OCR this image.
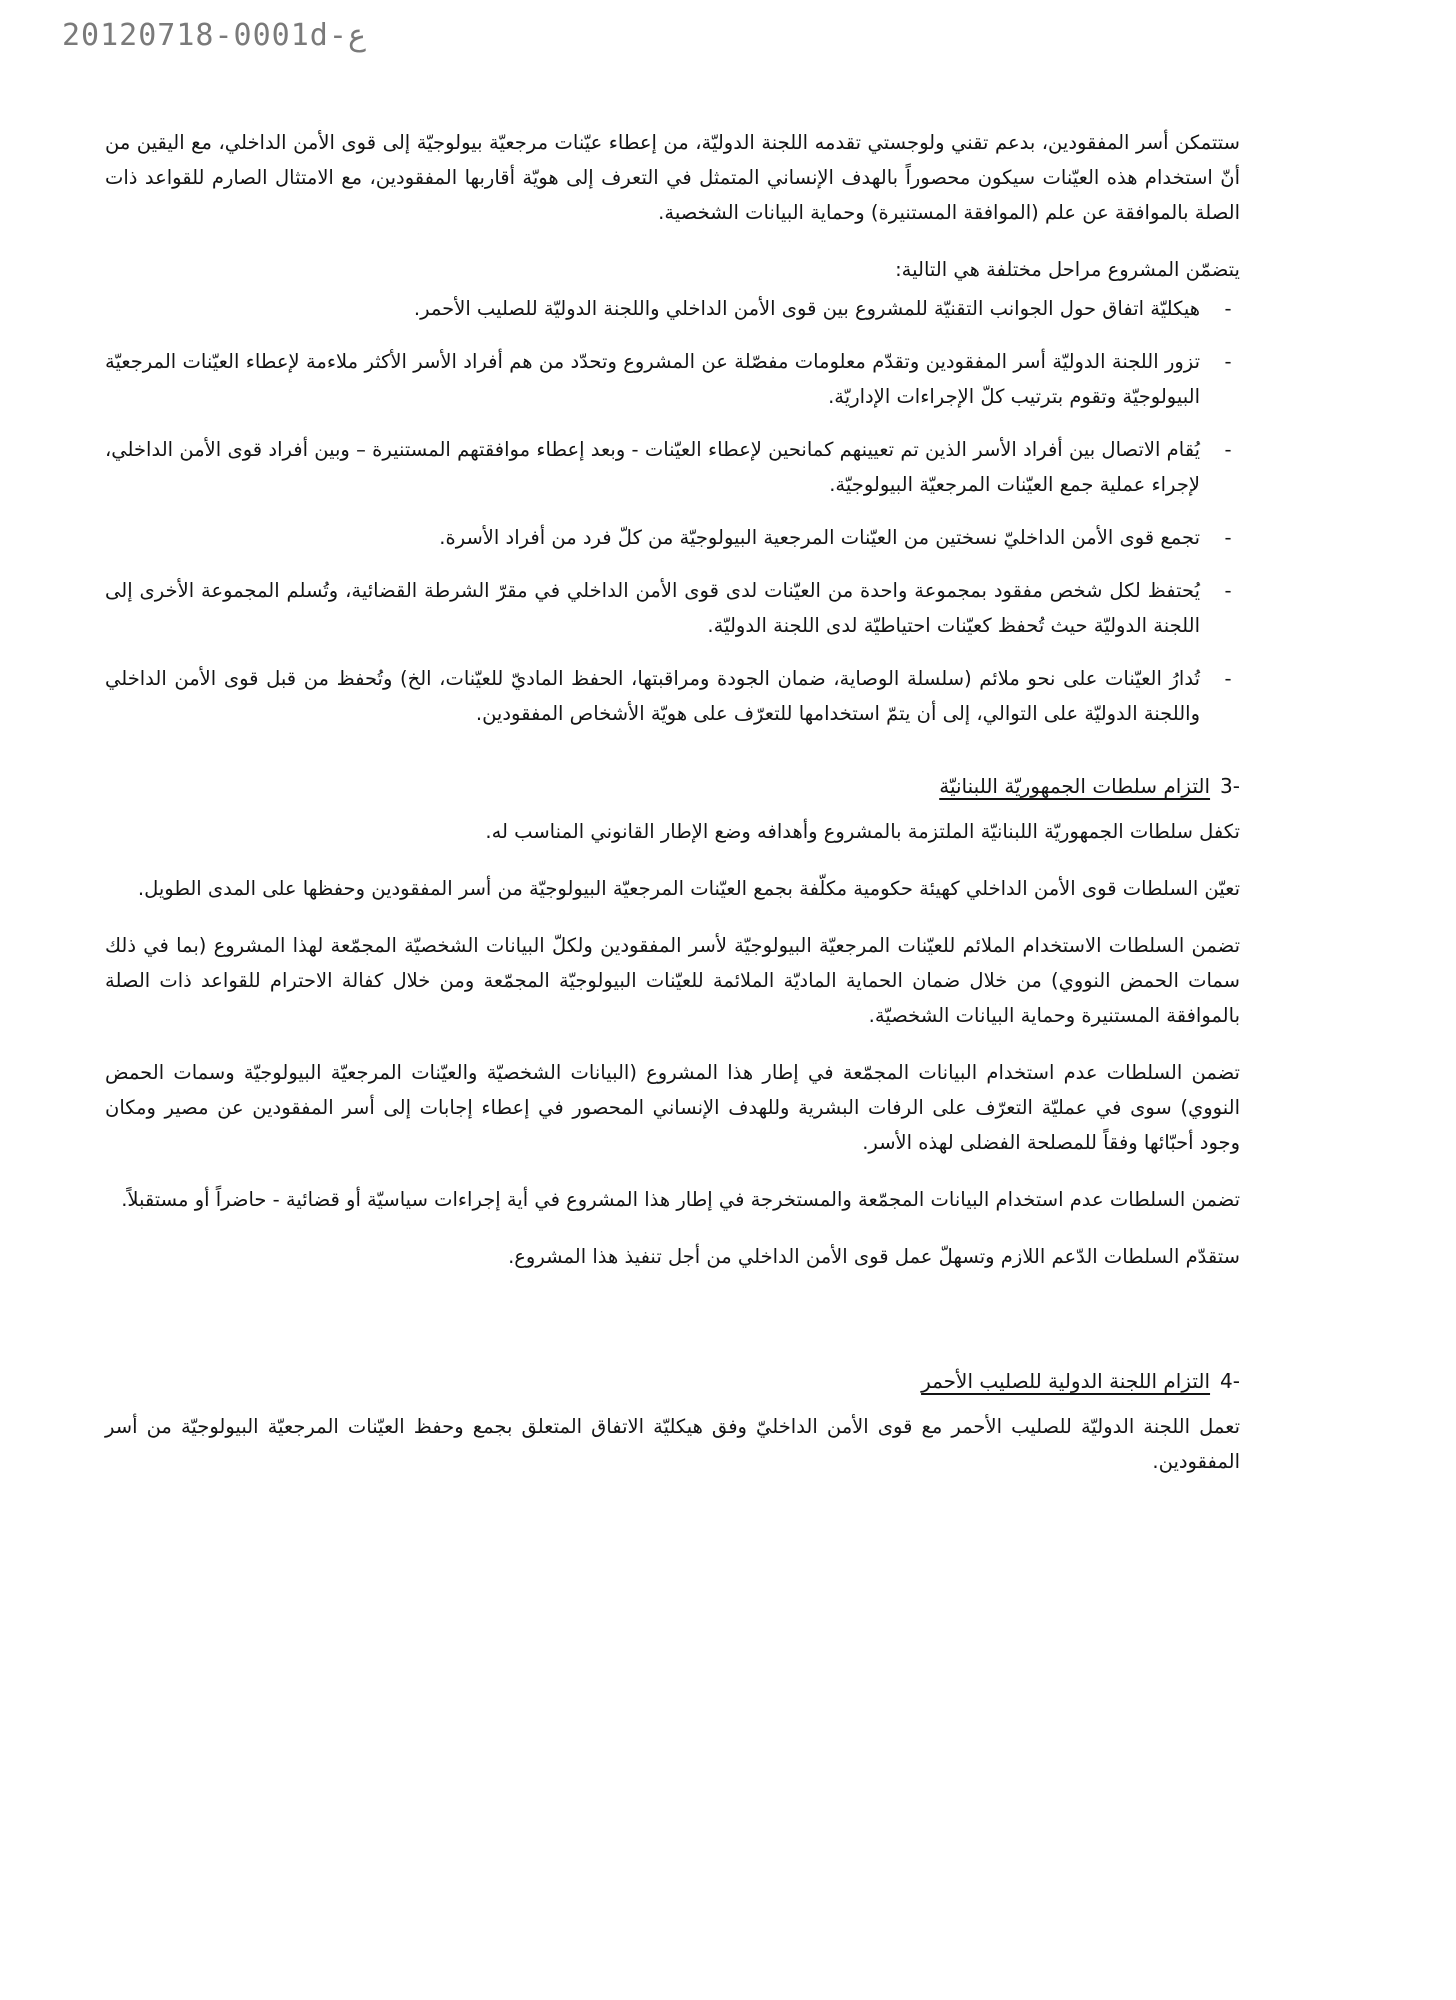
20120718-0001d-ع

ستتمكن أسر المفقودين، بدعم تقني ولوجستي تقدمه اللجنة الدوليّة، من إعطاء عيّنات مرجعيّة بيولوجيّة إلى قوى الأمن الداخلي، مع اليقين من أنّ استخدام هذه العيّنات سيكون محصوراً بالهدف الإنساني المتمثل في التعرف إلى هويّة أقاربها المفقودين، مع الامتثال الصارم للقواعد ذات الصلة بالموافقة عن علم (الموافقة المستنيرة) وحماية البيانات الشخصية.

يتضمّن المشروع مراحل مختلفة هي التالية:

-
هيكليّة اتفاق حول الجوانب التقنيّة للمشروع بين قوى الأمن الداخلي واللجنة الدوليّة للصليب الأحمر.
-
تزور اللجنة الدوليّة أسر المفقودين وتقدّم معلومات مفصّلة عن المشروع وتحدّد من هم أفراد الأسر الأكثر ملاءمة لإعطاء العيّنات المرجعيّة البيولوجيّة وتقوم بترتيب كلّ الإجراءات الإداريّة.
-
يُقام الاتصال بين أفراد الأسر الذين تم تعيينهم كمانحين لإعطاء العيّنات - وبعد إعطاء موافقتهم المستنيرة – وبين أفراد قوى الأمن الداخلي، لإجراء عملية جمع العيّنات المرجعيّة البيولوجيّة.
-
تجمع قوى الأمن الداخليّ نسختين من العيّنات المرجعية البيولوجيّة من كلّ فرد من أفراد الأسرة.
-
يُحتفظ لكل شخص مفقود بمجموعة واحدة من العيّنات لدى قوى الأمن الداخلي في مقرّ الشرطة القضائية، وتُسلم المجموعة الأخرى إلى اللجنة الدوليّة حيث تُحفظ كعيّنات احتياطيّة لدى اللجنة الدوليّة.
-
تُدارُ العيّنات على نحو ملائم (سلسلة الوصاية، ضمان الجودة ومراقبتها، الحفظ الماديّ للعيّنات، الخ) وتُحفظ من قبل قوى الأمن الداخلي واللجنة الدوليّة على التوالي، إلى أن يتمّ استخدامها للتعرّف على هويّة الأشخاص المفقودين.
3-
التزام سلطات الجمهوريّة اللبنانيّة

تكفل سلطات الجمهوريّة اللبنانيّة الملتزمة بالمشروع وأهدافه وضع الإطار القانوني المناسب له.

تعيّن السلطات قوى الأمن الداخلي كهيئة حكومية مكلّفة بجمع العيّنات المرجعيّة البيولوجيّة من أسر المفقودين وحفظها على المدى الطويل.

تضمن السلطات الاستخدام الملائم للعيّنات المرجعيّة البيولوجيّة لأسر المفقودين ولكلّ البيانات الشخصيّة المجمّعة لهذا المشروع (بما في ذلك سمات الحمض النووي) من خلال ضمان الحماية الماديّة الملائمة للعيّنات البيولوجيّة المجمّعة ومن خلال كفالة الاحترام للقواعد ذات الصلة بالموافقة المستنيرة وحماية البيانات الشخصيّة.

تضمن السلطات عدم استخدام البيانات المجمّعة في إطار هذا المشروع (البيانات الشخصيّة والعيّنات المرجعيّة البيولوجيّة وسمات الحمض النووي) سوى في عمليّة التعرّف على الرفات البشرية وللهدف الإنساني المحصور في إعطاء إجابات إلى أسر المفقودين عن مصير ومكان وجود أحبّائها وفقاً للمصلحة الفضلى لهذه الأسر.

تضمن السلطات عدم استخدام البيانات المجمّعة والمستخرجة في إطار هذا المشروع في أية إجراءات سياسيّة أو قضائية - حاضراً أو مستقبلاً.

ستقدّم السلطات الدّعم اللازم وتسهلّ عمل قوى الأمن الداخلي من أجل تنفيذ هذا المشروع.

4-
التزام اللجنة الدولية للصليب الأحمر

تعمل اللجنة الدوليّة للصليب الأحمر مع قوى الأمن الداخليّ وفق هيكليّة الاتفاق المتعلق بجمع وحفظ العيّنات المرجعيّة البيولوجيّة من أسر المفقودين.
